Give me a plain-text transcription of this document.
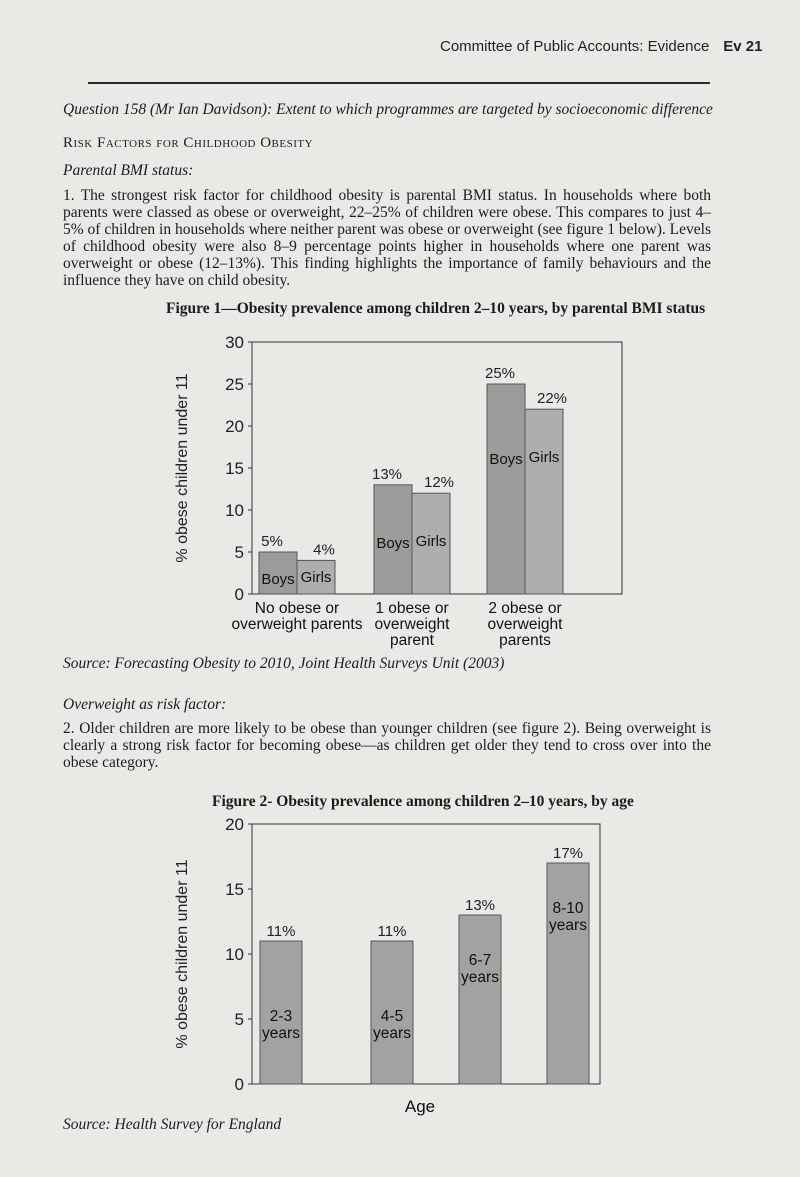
Committee of Public Accounts: Evidence Ev 21
Question 158 (Mr Ian Davidson): Extent to which programmes are targeted by socioeconomic difference
Risk Factors for Childhood Obesity
Parental BMI status:
1. The strongest risk factor for childhood obesity is parental BMI status. In households where both parents were classed as obese or overweight, 22–25% of children were obese. This compares to just 4–5% of children in households where neither parent was obese or overweight (see figure 1 below). Levels of childhood obesity were also 8–9 percentage points higher in households where one parent was overweight or obese (12–13%). This finding highlights the importance of family behaviours and the influence they have on child obesity.
Figure 1—Obesity prevalence among children 2–10 years, by parental BMI status
0
5
10
15
20
25
30
% obese children under 11	5% 4%
Boys Girls
No obese or
overweight parents
13% 12%
Boys Girls
1 obese or
overweight
parent
25%
22%
Boys Girls
2 obese or
overweight
parents
Source: Forecasting Obesity to 2010, Joint Health Surveys Unit (2003)
Overweight as risk factor:
2. Older children are more likely to be obese than younger children (see figure 2). Being overweight is clearly a strong risk factor for becoming obese—as children get older they tend to cross over into the obese category.
Figure 2- Obesity prevalence among children 2–10 years, by age
0
5
10
15
20
% obese children under 11
Age
11%
2-3
years
11%
4-5
years
13%
6-7
years
17%
8-10
years
Source: Health Survey for England
